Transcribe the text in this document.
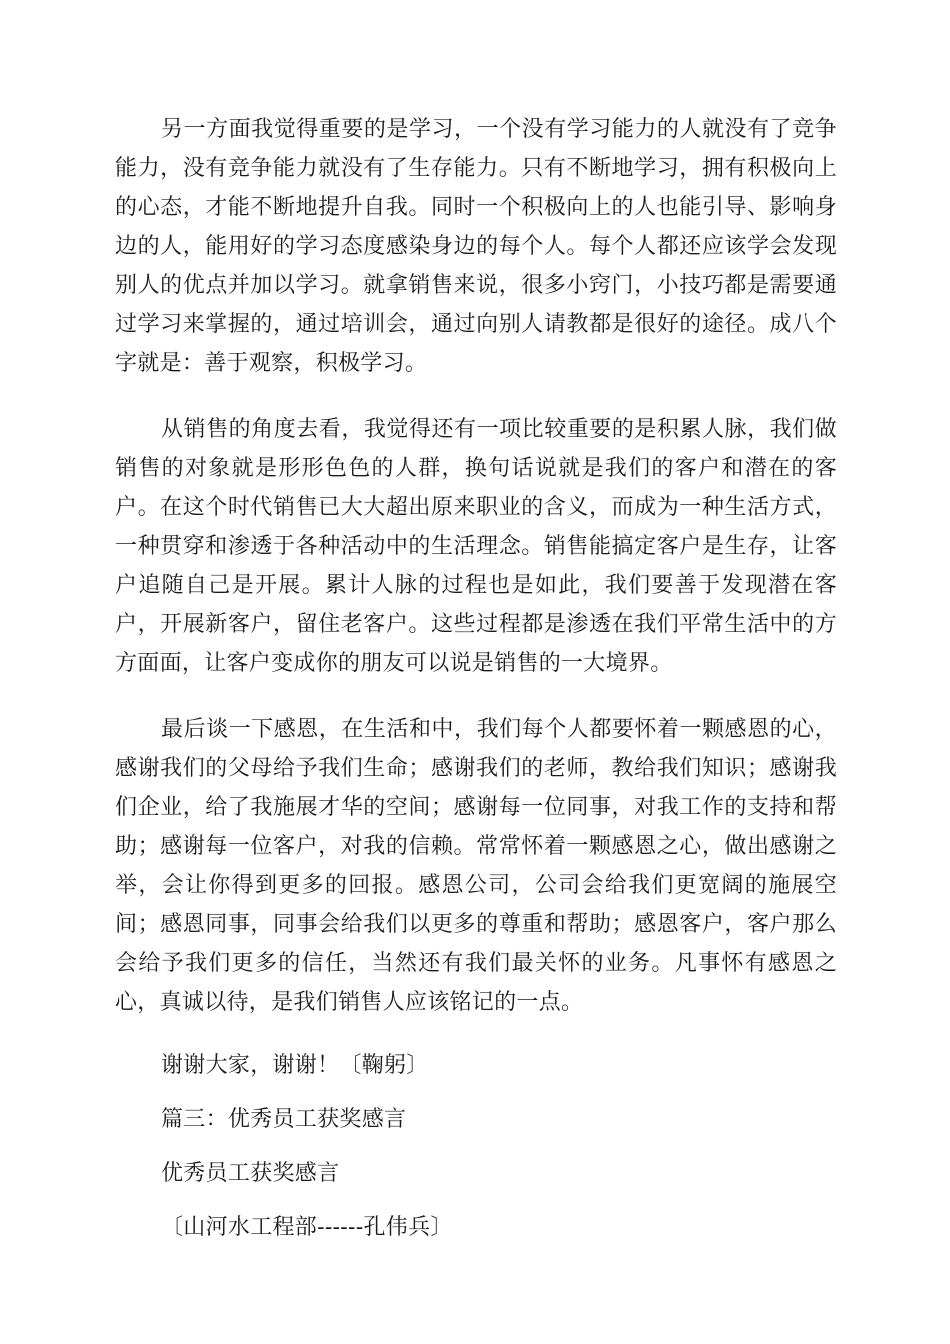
另一方面我觉得重要的是学习，一个没有学习能力的人就没有了竞争能力，没有竞争能力就没有了生存能力。只有不断地学习，拥有积极向上的心态，才能不断地提升自我。同时一个积极向上的人也能引导、影响身边的人，能用好的学习态度感染身边的每个人。每个人都还应该学会发现别人的优点并加以学习。就拿销售来说，很多小窍门，小技巧都是需要通过学习来掌握的，通过培训会，通过向别人请教都是很好的途径。成八个字就是：善于观察，积极学习。

从销售的角度去看，我觉得还有一项比较重要的是积累人脉，我们做销售的对象就是形形色色的人群，换句话说就是我们的客户和潜在的客户。在这个时代销售已大大超出原来职业的含义，而成为一种生活方式，一种贯穿和渗透于各种活动中的生活理念。销售能搞定客户是生存，让客户追随自己是开展。累计人脉的过程也是如此，我们要善于发现潜在客户，开展新客户，留住老客户。这些过程都是渗透在我们平常生活中的方方面面，让客户变成你的朋友可以说是销售的一大境界。

最后谈一下感恩，在生活和中，我们每个人都要怀着一颗感恩的心，感谢我们的父母给予我们生命；感谢我们的老师，教给我们知识；感谢我们企业，给了我施展才华的空间；感谢每一位同事，对我工作的支持和帮助；感谢每一位客户，对我的信赖。常常怀着一颗感恩之心，做出感谢之举，会让你得到更多的回报。感恩公司，公司会给我们更宽阔的施展空间；感恩同事，同事会给我们以更多的尊重和帮助；感恩客户，客户那么会给予我们更多的信任，当然还有我们最关怀的业务。凡事怀有感恩之心，真诚以待，是我们销售人应该铭记的一点。

谢谢大家，谢谢！〔鞠躬〕

篇三：优秀员工获奖感言

优秀员工获奖感言

〔山河水工程部------孔伟兵〕
